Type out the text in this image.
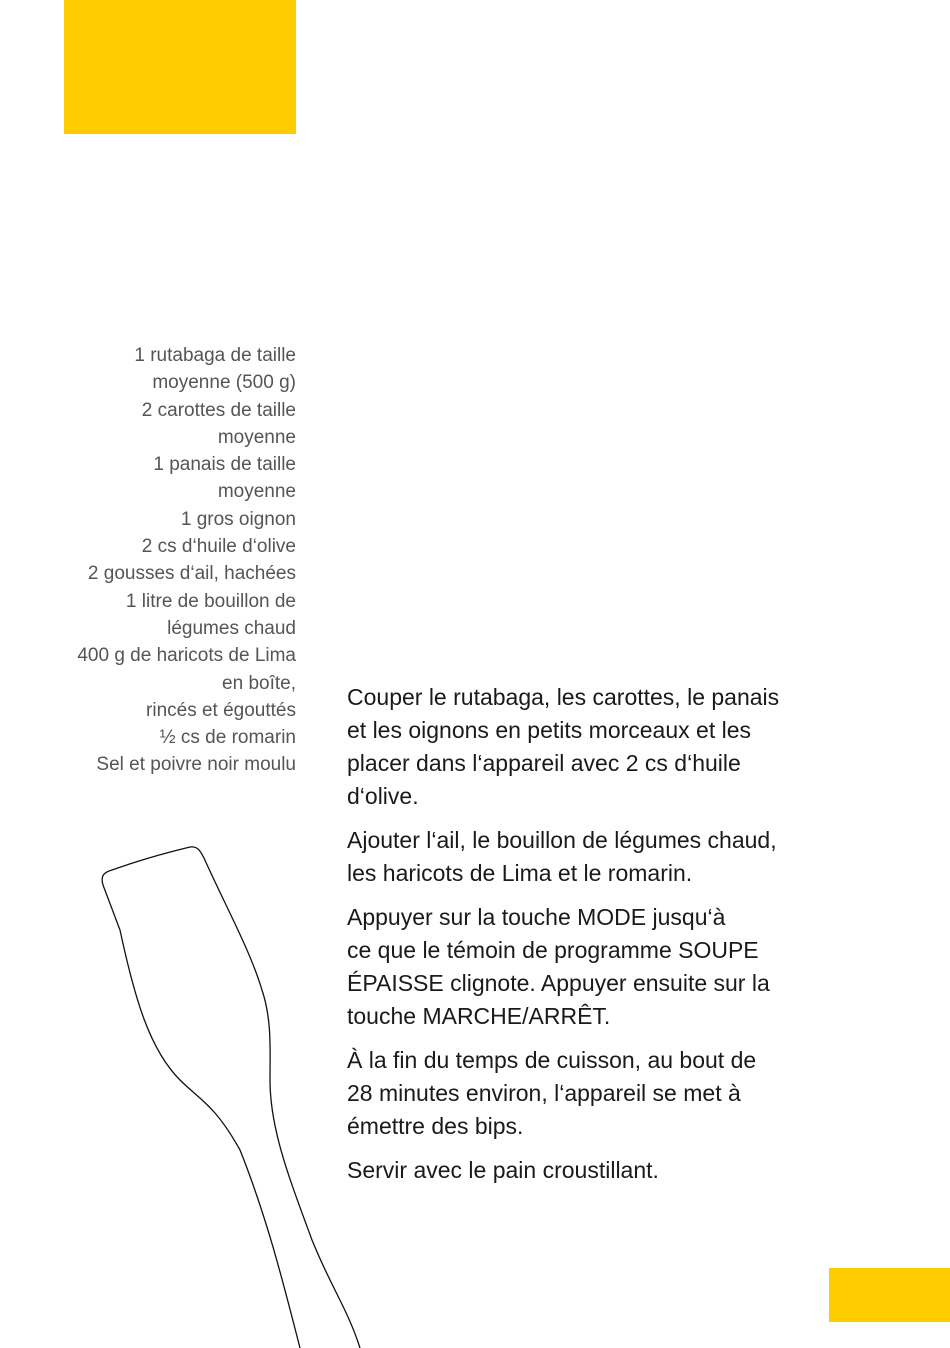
1 rutabaga de taille
moyenne (500 g)
2 carottes de taille
moyenne
1 panais de taille
moyenne
1 gros oignon
2 cs d‘huile d‘olive
2 gousses d‘ail, hachées
1 litre de bouillon de
légumes chaud
400 g de haricots de Lima
en boîte,
rincés et égouttés
½ cs de romarin
Sel et poivre noir moulu

Couper le rutabaga, les carottes, le panais
et les oignons en petits morceaux et les
placer dans l‘appareil avec 2 cs d‘huile
d‘olive.

Ajouter l‘ail, le bouillon de légumes chaud,
les haricots de Lima et le romarin.

Appuyer sur la touche MODE jusqu‘à
ce que le témoin de programme SOUPE
ÉPAISSE clignote. Appuyer ensuite sur la
touche MARCHE/ARRÊT.

À la fin du temps de cuisson, au bout de
28 minutes environ, l‘appareil se met à
émettre des bips.

Servir avec le pain croustillant.
